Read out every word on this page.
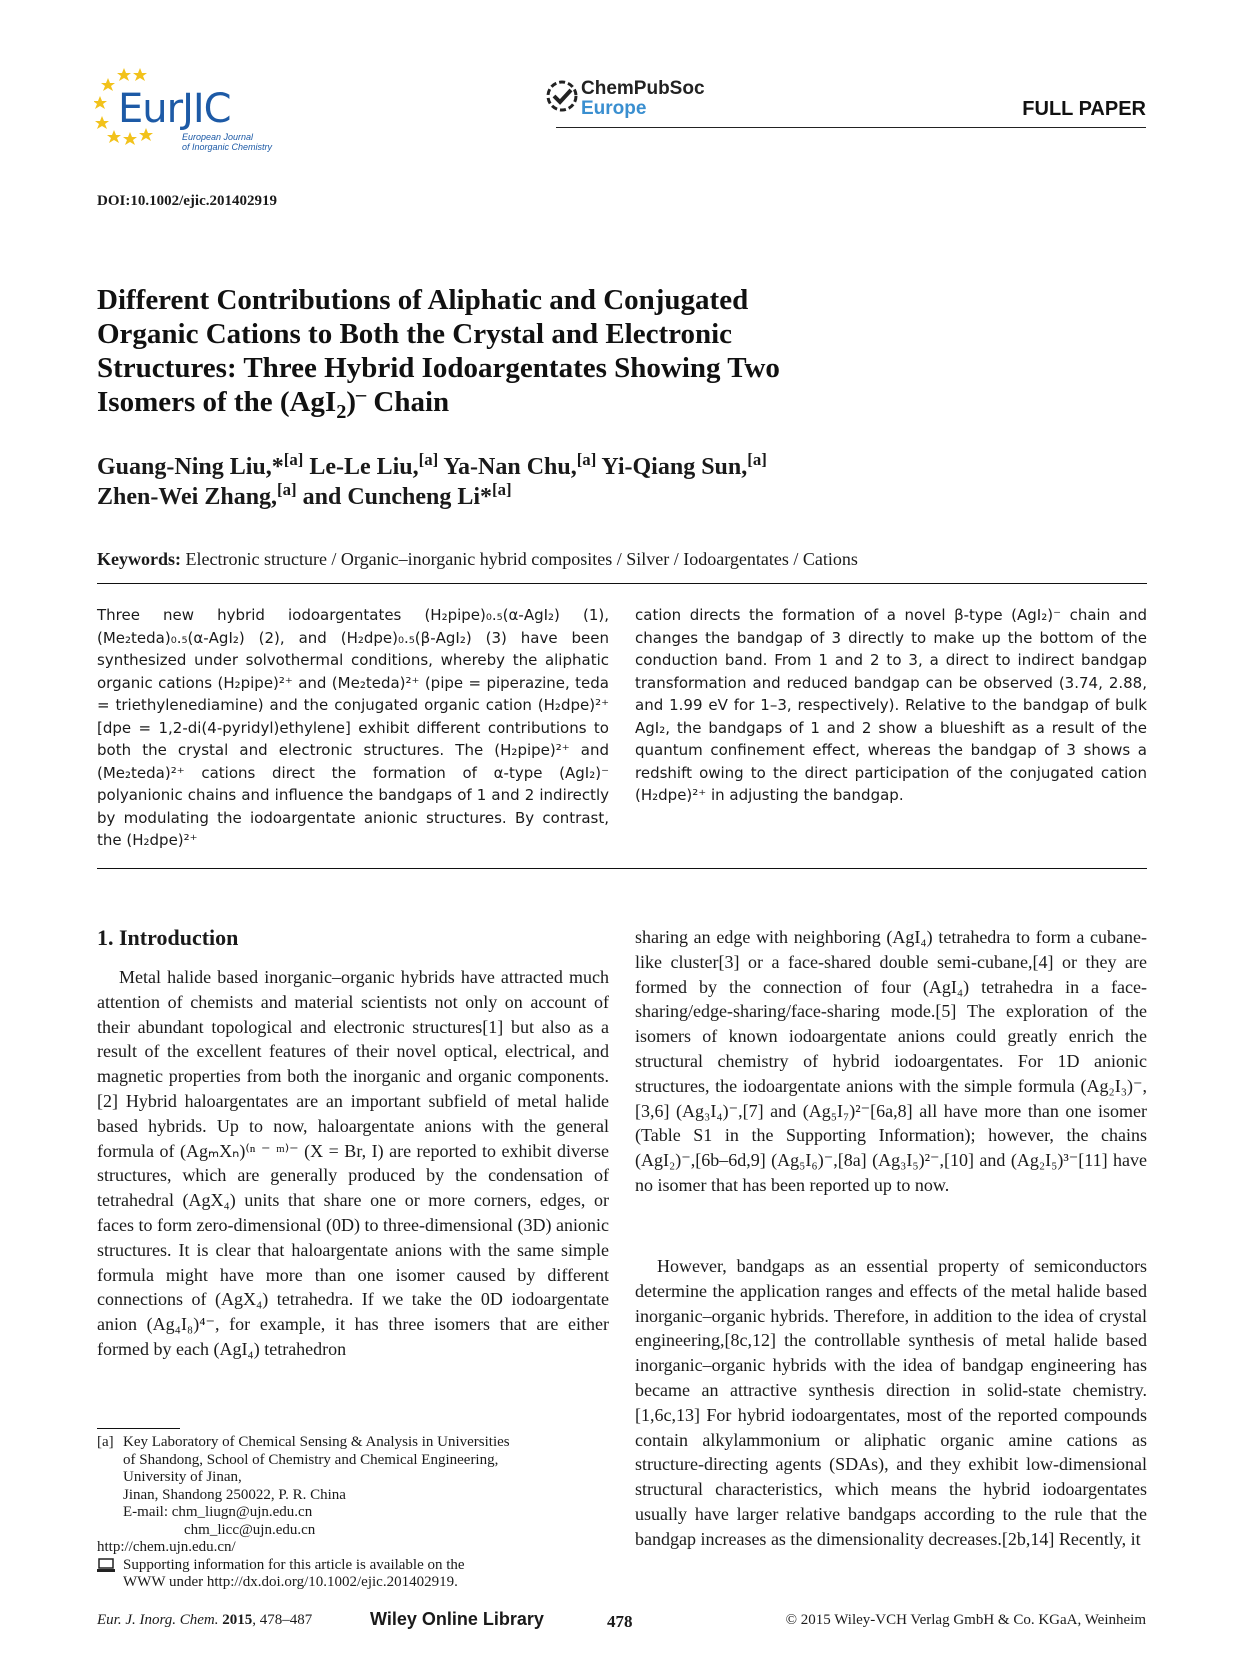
EurJIC
European Journal
of Inorganic Chemistry
ChemPubSoc
Europe	FULL PAPER
DOI:10.1002/ejic.201402919
Different Contributions of Aliphatic and Conjugated
Organic Cations to Both the Crystal and Electronic
Structures: Three Hybrid Iodoargentates Showing Two
Isomers of the (AgI$_2$)– Chain

Guang-Ning Liu,*[a] Le-Le Liu,[a] Ya-Nan Chu,[a] Yi-Qiang Sun,[a]
Zhen-Wei Zhang,[a] and Cuncheng Li*[a]

Keywords: Electronic structure / Organic–inorganic hybrid composites / Silver / Iodoargentates / Cations

Three new hybrid iodoargentates (H₂pipe)₀.₅(α-AgI₂) (1), (Me₂teda)₀.₅(α-AgI₂) (2), and (H₂dpe)₀.₅(β-AgI₂) (3) have been synthesized under solvothermal conditions, whereby the aliphatic organic cations (H₂pipe)²⁺ and (Me₂teda)²⁺ (pipe = piperazine, teda = triethylenediamine) and the conjugated organic cation (H₂dpe)²⁺ [dpe = 1,2-di(4-pyridyl)ethylene] exhibit different contributions to both the crystal and electronic structures. The (H₂pipe)²⁺ and (Me₂teda)²⁺ cations direct the formation of α-type (AgI₂)⁻ polyanionic chains and influence the bandgaps of 1 and 2 indirectly by modulating the iodoargentate anionic structures. By contrast, the (H₂dpe)²⁺

cation directs the formation of a novel β-type (AgI₂)⁻ chain and changes the bandgap of 3 directly to make up the bottom of the conduction band. From 1 and 2 to 3, a direct to indirect bandgap transformation and reduced bandgap can be observed (3.74, 2.88, and 1.99 eV for 1–3, respectively). Relative to the bandgap of bulk AgI₂, the bandgaps of 1 and 2 show a blueshift as a result of the quantum confinement effect, whereas the bandgap of 3 shows a redshift owing to the direct participation of the conjugated cation (H₂dpe)²⁺ in adjusting the bandgap.

1. Introduction

Metal halide based inorganic–organic hybrids have attracted much attention of chemists and material scientists not only on account of their abundant topological and electronic structures[1] but also as a result of the excellent features of their novel optical, electrical, and magnetic properties from both the inorganic and organic components.[2] Hybrid haloargentates are an important subfield of metal halide based hybrids. Up to now, haloargentate anions with the general formula of (AgₘXₙ)⁽ⁿ ⁻ ᵐ⁾⁻ (X = Br, I) are reported to exhibit diverse structures, which are generally produced by the condensation of tetrahedral (AgX₄) units that share one or more corners, edges, or faces to form zero-dimensional (0D) to three-dimensional (3D) anionic structures. It is clear that haloargentate anions with the same simple formula might have more than one isomer caused by different connections of (AgX₄) tetrahedra. If we take the 0D iodoargentate anion (Ag₄I₈)⁴⁻, for example, it has three isomers that are either formed by each (AgI₄) tetrahedron

sharing an edge with neighboring (AgI₄) tetrahedra to form a cubane-like cluster[3] or a face-shared double semi-cubane,[4] or they are formed by the connection of four (AgI₄) tetrahedra in a face-sharing/edge-sharing/face-sharing mode.[5] The exploration of the isomers of known iodoargentate anions could greatly enrich the structural chemistry of hybrid iodoargentates. For 1D anionic structures, the iodoargentate anions with the simple formula (Ag₂I₃)⁻,[3,6] (Ag₃I₄)⁻,[7] and (Ag₅I₇)²⁻[6a,8] all have more than one isomer (Table S1 in the Supporting Information); however, the chains (AgI₂)⁻,[6b–6d,9] (Ag₅I₆)⁻,[8a] (Ag₃I₅)²⁻,[10] and (Ag₂I₅)³⁻[11] have no isomer that has been reported up to now.

However, bandgaps as an essential property of semiconductors determine the application ranges and effects of the metal halide based inorganic–organic hybrids. Therefore, in addition to the idea of crystal engineering,[8c,12] the controllable synthesis of metal halide based inorganic–organic hybrids with the idea of bandgap engineering has became an attractive synthesis direction in solid-state chemistry.[1,6c,13] For hybrid iodoargentates, most of the reported compounds contain alkylammonium or aliphatic organic amine cations as structure-directing agents (SDAs), and they exhibit low-dimensional structural characteristics, which means the hybrid iodoargentates usually have larger relative bandgaps according to the rule that the bandgap increases as the dimensionality decreases.[2b,14] Recently, it

[a] Key Laboratory of Chemical Sensing & Analysis in Universities
of Shandong, School of Chemistry and Chemical Engineering,
University of Jinan,
Jinan, Shandong 250022, P. R. China
E-mail: chm_liugn@ujn.edu.cn
chm_licc@ujn.edu.cn
http://chem.ujn.edu.cn/
Supporting information for this article is available on the
WWW under http://dx.doi.org/10.1002/ejic.201402919.
Eur. J. Inorg. Chem. 2015, 478–487	Wiley Online Library	478	© 2015 Wiley-VCH Verlag GmbH & Co. KGaA, Weinheim
